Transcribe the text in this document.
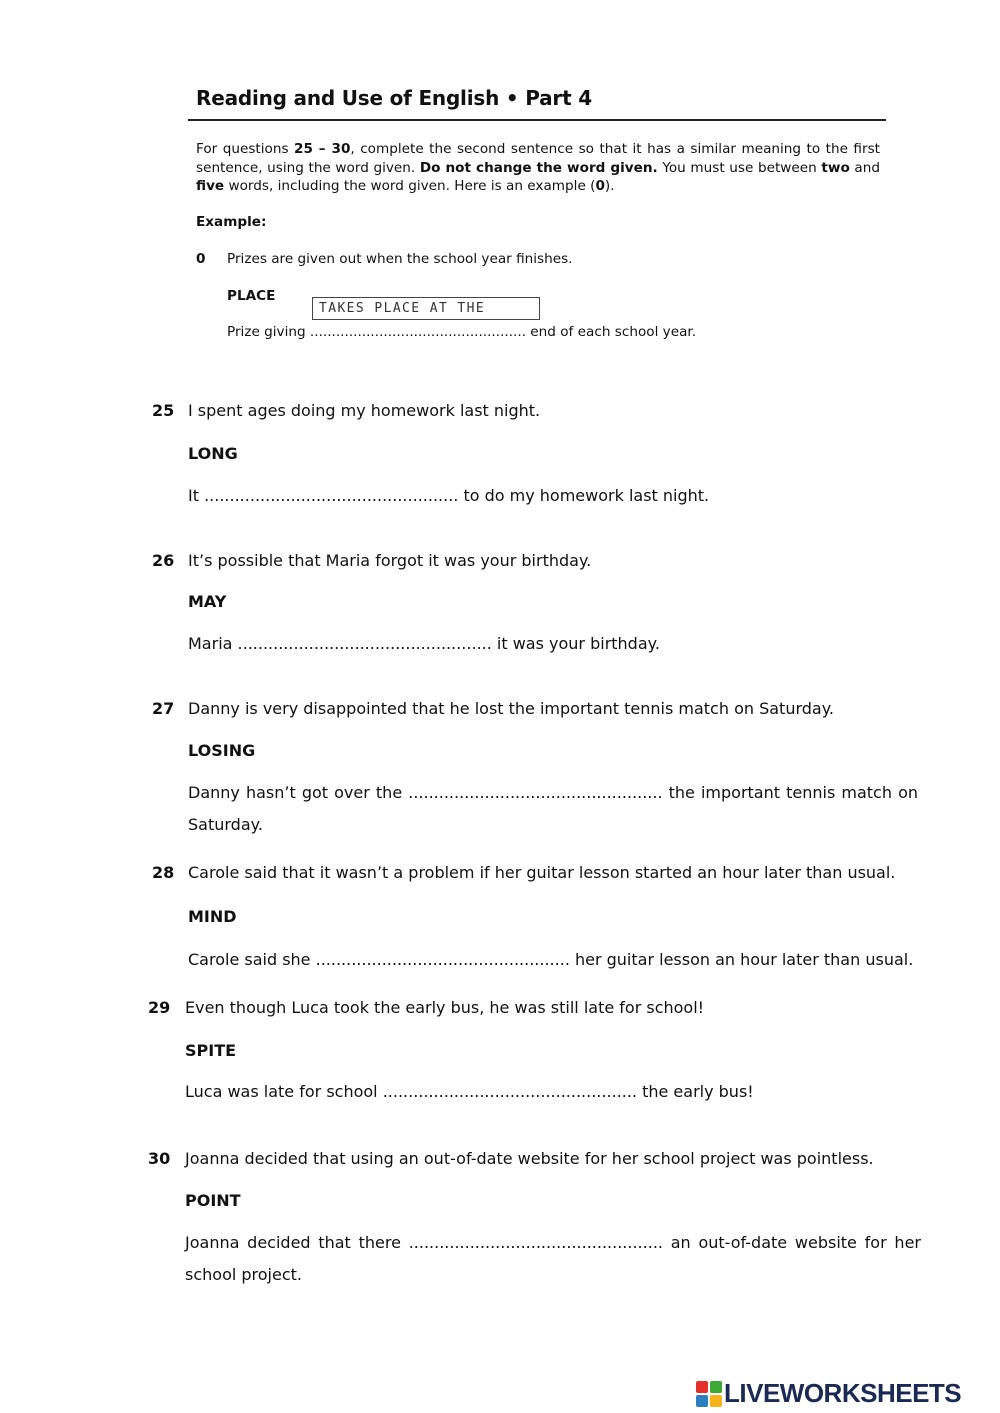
Reading and Use of English • Part 4
For questions 25 – 30, complete the second sentence so that it has a similar meaning to the first sentence, using the word given. Do not change the word given. You must use between two and five words, including the word given. Here is an example (0).
Example:
0 Prizes are given out when the school year finishes.
PLACE
TAKES PLACE AT THE
Prize giving .................................................. end of each school year.
25 I spent ages doing my homework last night.
LONG
It .................................................. to do my homework last night.
26 It’s possible that Maria forgot it was your birthday.
MAY
Maria .................................................. it was your birthday.
27 Danny is very disappointed that he lost the important tennis match on Saturday.
LOSING
Danny hasn’t got over the .................................................. the important tennis match on Saturday.
28 Carole said that it wasn’t a problem if her guitar lesson started an hour later than usual.
MIND
Carole said she .................................................. her guitar lesson an hour later than usual.
29 Even though Luca took the early bus, he was still late for school!
SPITE
Luca was late for school .................................................. the early bus!
30 Joanna decided that using an out-of-date website for her school project was pointless.
POINT
Joanna decided that there .................................................. an out-of-date website for her school project.
LIVEWORKSHEETS
